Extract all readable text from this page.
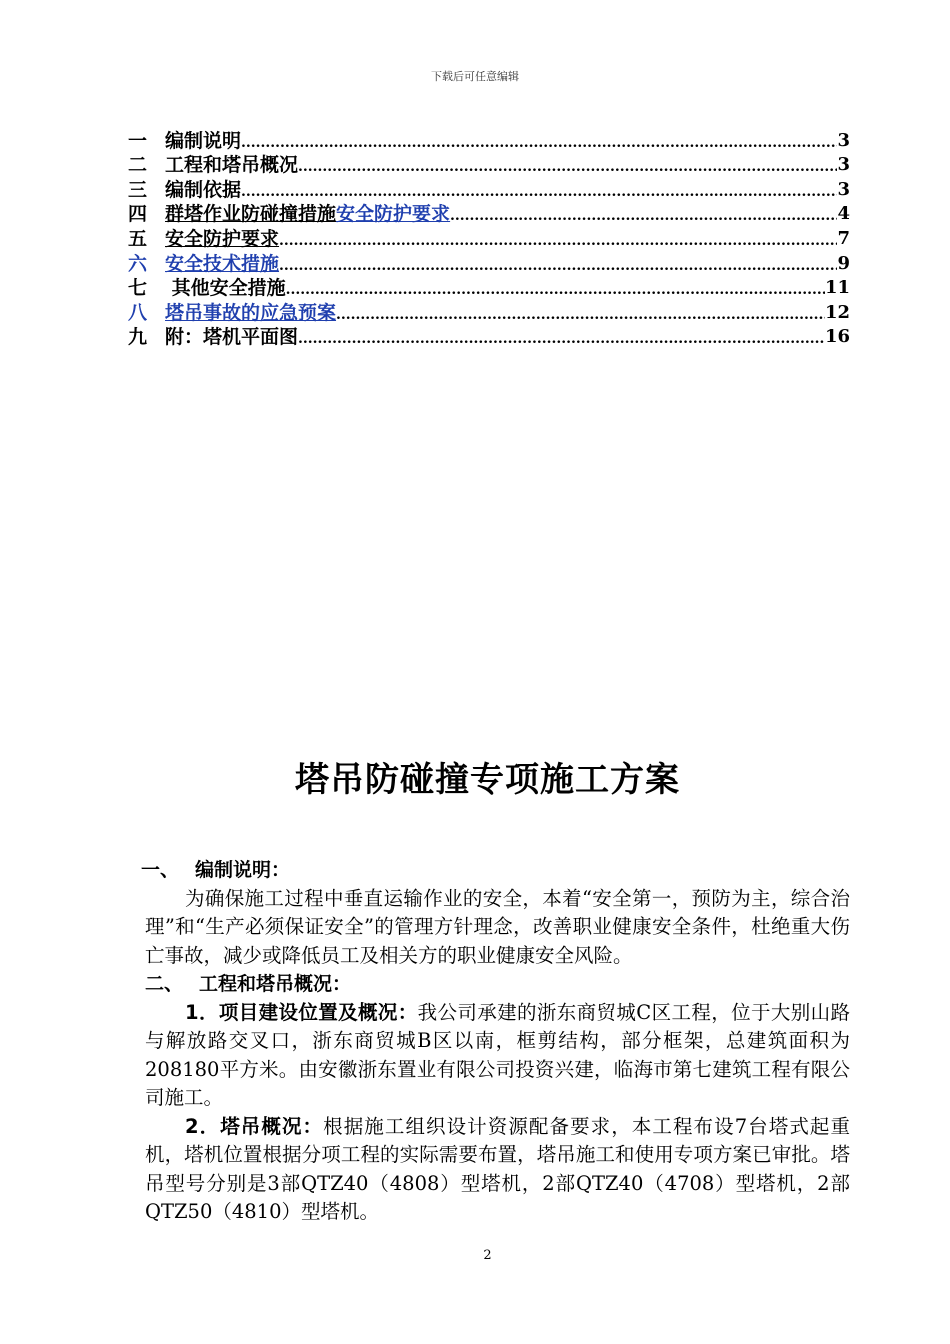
下载后可任意编辑
一 编制说明 .....	3
二 工程和塔吊概况 .....	3
三 编制依据 .....	3
四 群塔作业防碰撞措施安全防护要求 .....	4
五 安全防护要求 .....	7
六 安全技术措施 .....	9
七 其他安全措施 .....	11
八 塔吊事故的应急预案 .....	12
九 附：塔机平面图 .....	16
塔吊防碰撞专项施工方案

一、 编制说明：

为确保施工过程中垂直运输作业的安全，本着“安全第一，预防为主，综合治理”和“生产必须保证安全”的管理方针理念，改善职业健康安全条件，杜绝重大伤亡事故，减少或降低员工及相关方的职业健康安全风险。

二、 工程和塔吊概况：

1．项目建设位置及概况：我公司承建的浙东商贸城C区工程，位于大别山路与解放路交叉口，浙东商贸城B区以南，框剪结构，部分框架，总建筑面积为208180平方米。由安徽浙东置业有限公司投资兴建，临海市第七建筑工程有限公司施工。

2．塔吊概况：根据施工组织设计资源配备要求，本工程布设7台塔式起重机，塔机位置根据分项工程的实际需要布置，塔吊施工和使用专项方案已审批。塔吊型号分别是3部QTZ40（4808）型塔机，2部QTZ40（4708）型塔机，2部QTZ50（4810）型塔机。

2
